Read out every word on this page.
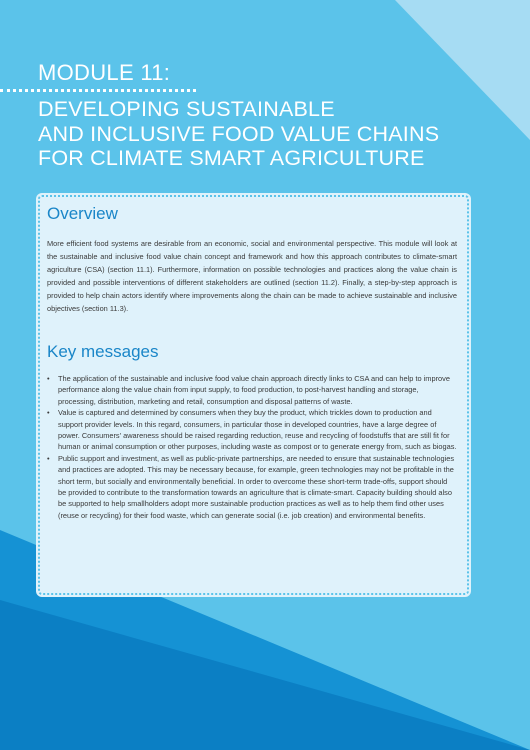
MODULE 11:
DEVELOPING SUSTAINABLE
AND INCLUSIVE FOOD VALUE CHAINS
FOR CLIMATE SMART AGRICULTURE
Overview

More efficient food systems are desirable from an economic, social and environmental perspective. This module will look at the sustainable and inclusive food value chain concept and framework and how this approach contributes to climate-smart agriculture (CSA) (section 11.1). Furthermore, information on possible technologies and practices along the value chain is provided and possible interventions of different stakeholders are outlined (section 11.2). Finally, a step-by-step approach is provided to help chain actors identify where improvements along the chain can be made to achieve sustainable and inclusive objectives (section 11.3).

Key messages
• The application of the sustainable and inclusive food value chain approach directly links to CSA and can help to improve performance along the value chain from input supply, to food production, to post-harvest handling and storage, processing, distribution, marketing and retail, consumption and disposal patterns of waste.
• Value is captured and determined by consumers when they buy the product, which trickles down to production and support provider levels. In this regard, consumers, in particular those in developed countries, have a large degree of power. Consumers' awareness should be raised regarding reduction, reuse and recycling of foodstuffs that are still fit for human or animal consumption or other purposes, including waste as compost or to generate energy from, such as biogas.
• Public support and investment, as well as public-private partnerships, are needed to ensure that sustainable technologies and practices are adopted. This may be necessary because, for example, green technologies may not be profitable in the short term, but socially and environmentally beneficial. In order to overcome these short-term trade-offs, support should be provided to contribute to the transformation towards an agriculture that is climate-smart. Capacity building should also be supported to help smallholders adopt more sustainable production practices as well as to help them find other uses (reuse or recycling) for their food waste, which can generate social (i.e. job creation) and environmental benefits.
